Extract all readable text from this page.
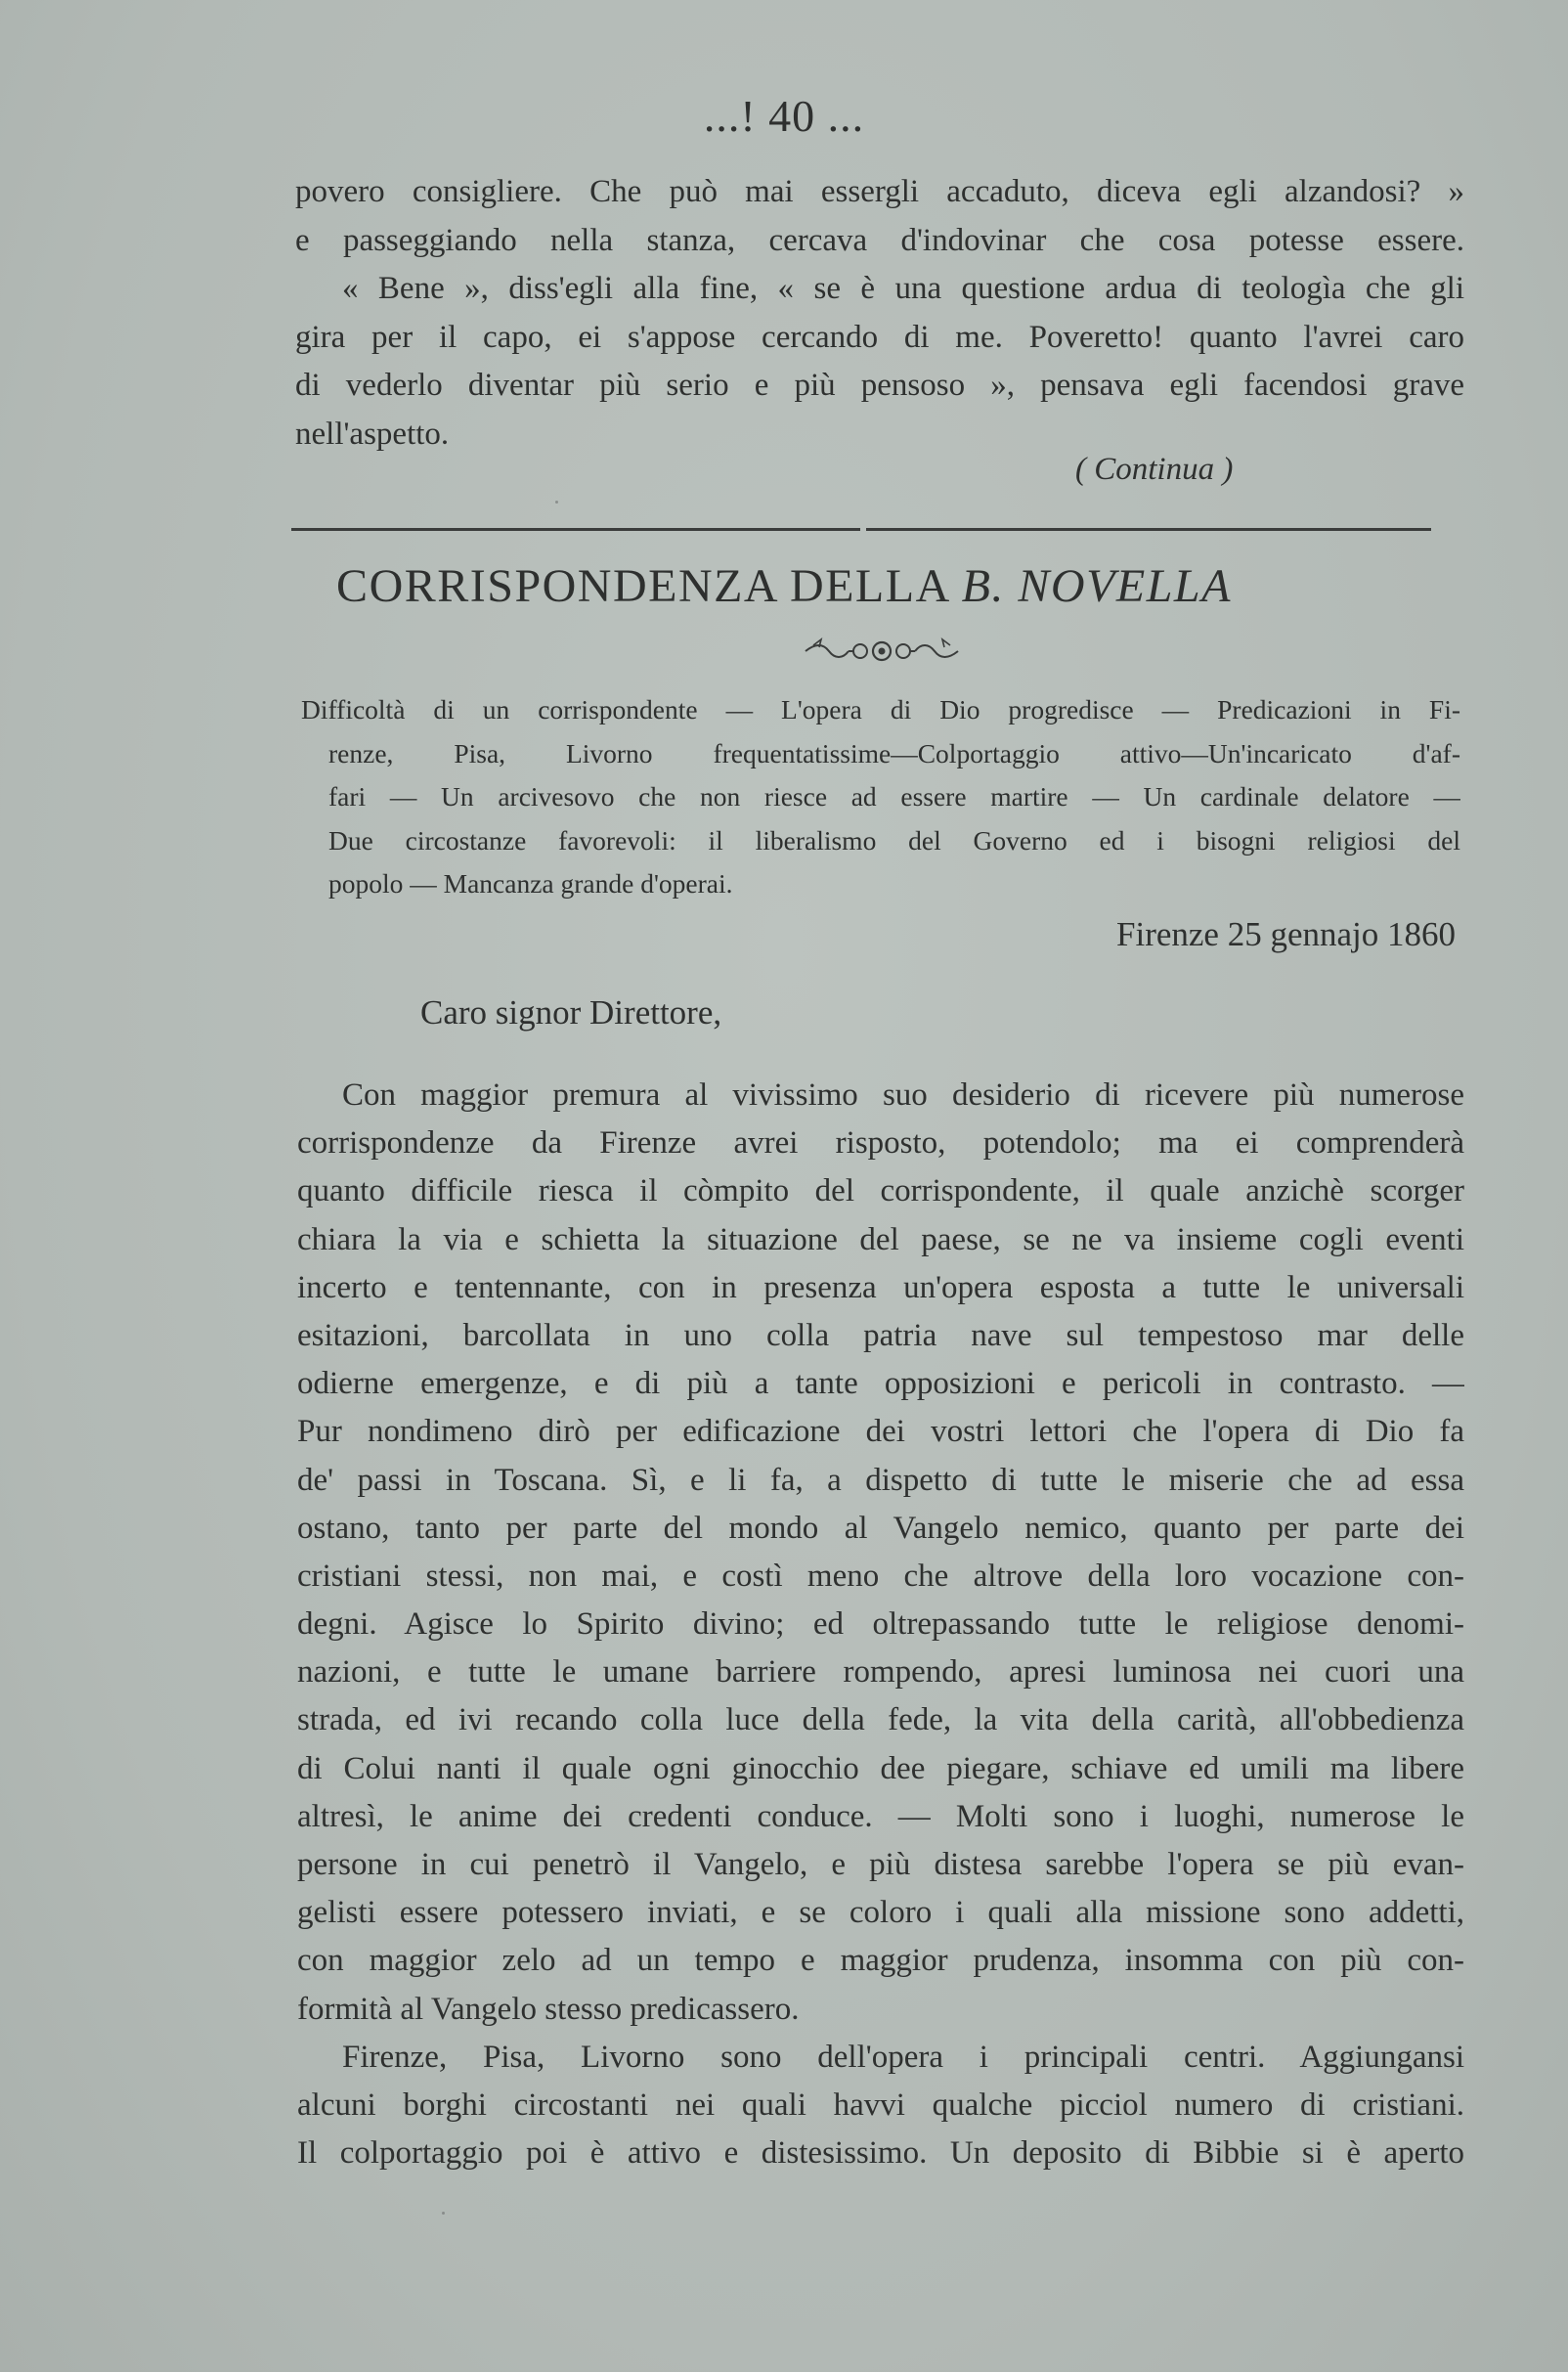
...! 40 ...
povero consigliere. Che può mai essergli accaduto, diceva egli alzandosi? »
e passeggiando nella stanza, cercava d'indovinar che cosa potesse essere.
« Bene », diss'egli alla fine, « se è una questione ardua di teologìa che gli
gira per il capo, ei s'appose cercando di me. Poveretto! quanto l'avrei caro
di vederlo diventar più serio e più pensoso », pensava egli facendosi grave
nell'aspetto.
( Continua )
CORRISPONDENZA DELLA B. NOVELLA
Difficoltà di un corrispondente — L'opera di Dio progredisce — Predicazioni in Fi-
renze, Pisa, Livorno frequentatissime—Colportaggio attivo—Un'incaricato d'af-
fari — Un arcivesovo che non riesce ad essere martire — Un cardinale delatore —
Due circostanze favorevoli: il liberalismo del Governo ed i bisogni religiosi del
popolo — Mancanza grande d'operai.
Firenze 25 gennajo 1860
Caro signor Direttore,
Con maggior premura al vivissimo suo desiderio di ricevere più numerose
corrispondenze da Firenze avrei risposto, potendolo; ma ei comprenderà
quanto difficile riesca il còmpito del corrispondente, il quale anzichè scorger
chiara la via e schietta la situazione del paese, se ne va insieme cogli eventi
incerto e tentennante, con in presenza un'opera esposta a tutte le universali
esitazioni, barcollata in uno colla patria nave sul tempestoso mar delle
odierne emergenze, e di più a tante opposizioni e pericoli in contrasto. —
Pur nondimeno dirò per edificazione dei vostri lettori che l'opera di Dio fa
de' passi in Toscana. Sì, e li fa, a dispetto di tutte le miserie che ad essa
ostano, tanto per parte del mondo al Vangelo nemico, quanto per parte dei
cristiani stessi, non mai, e costì meno che altrove della loro vocazione con-
degni. Agisce lo Spirito divino; ed oltrepassando tutte le religiose denomi-
nazioni, e tutte le umane barriere rompendo, apresi luminosa nei cuori una
strada, ed ivi recando colla luce della fede, la vita della carità, all'obbedienza
di Colui nanti il quale ogni ginocchio dee piegare, schiave ed umili ma libere
altresì, le anime dei credenti conduce. — Molti sono i luoghi, numerose le
persone in cui penetrò il Vangelo, e più distesa sarebbe l'opera se più evan-
gelisti essere potessero inviati, e se coloro i quali alla missione sono addetti,
con maggior zelo ad un tempo e maggior prudenza, insomma con più con-
formità al Vangelo stesso predicassero.
Firenze, Pisa, Livorno sono dell'opera i principali centri. Aggiungansi
alcuni borghi circostanti nei quali havvi qualche picciol numero di cristiani.
Il colportaggio poi è attivo e distesissimo. Un deposito di Bibbie si è aperto
